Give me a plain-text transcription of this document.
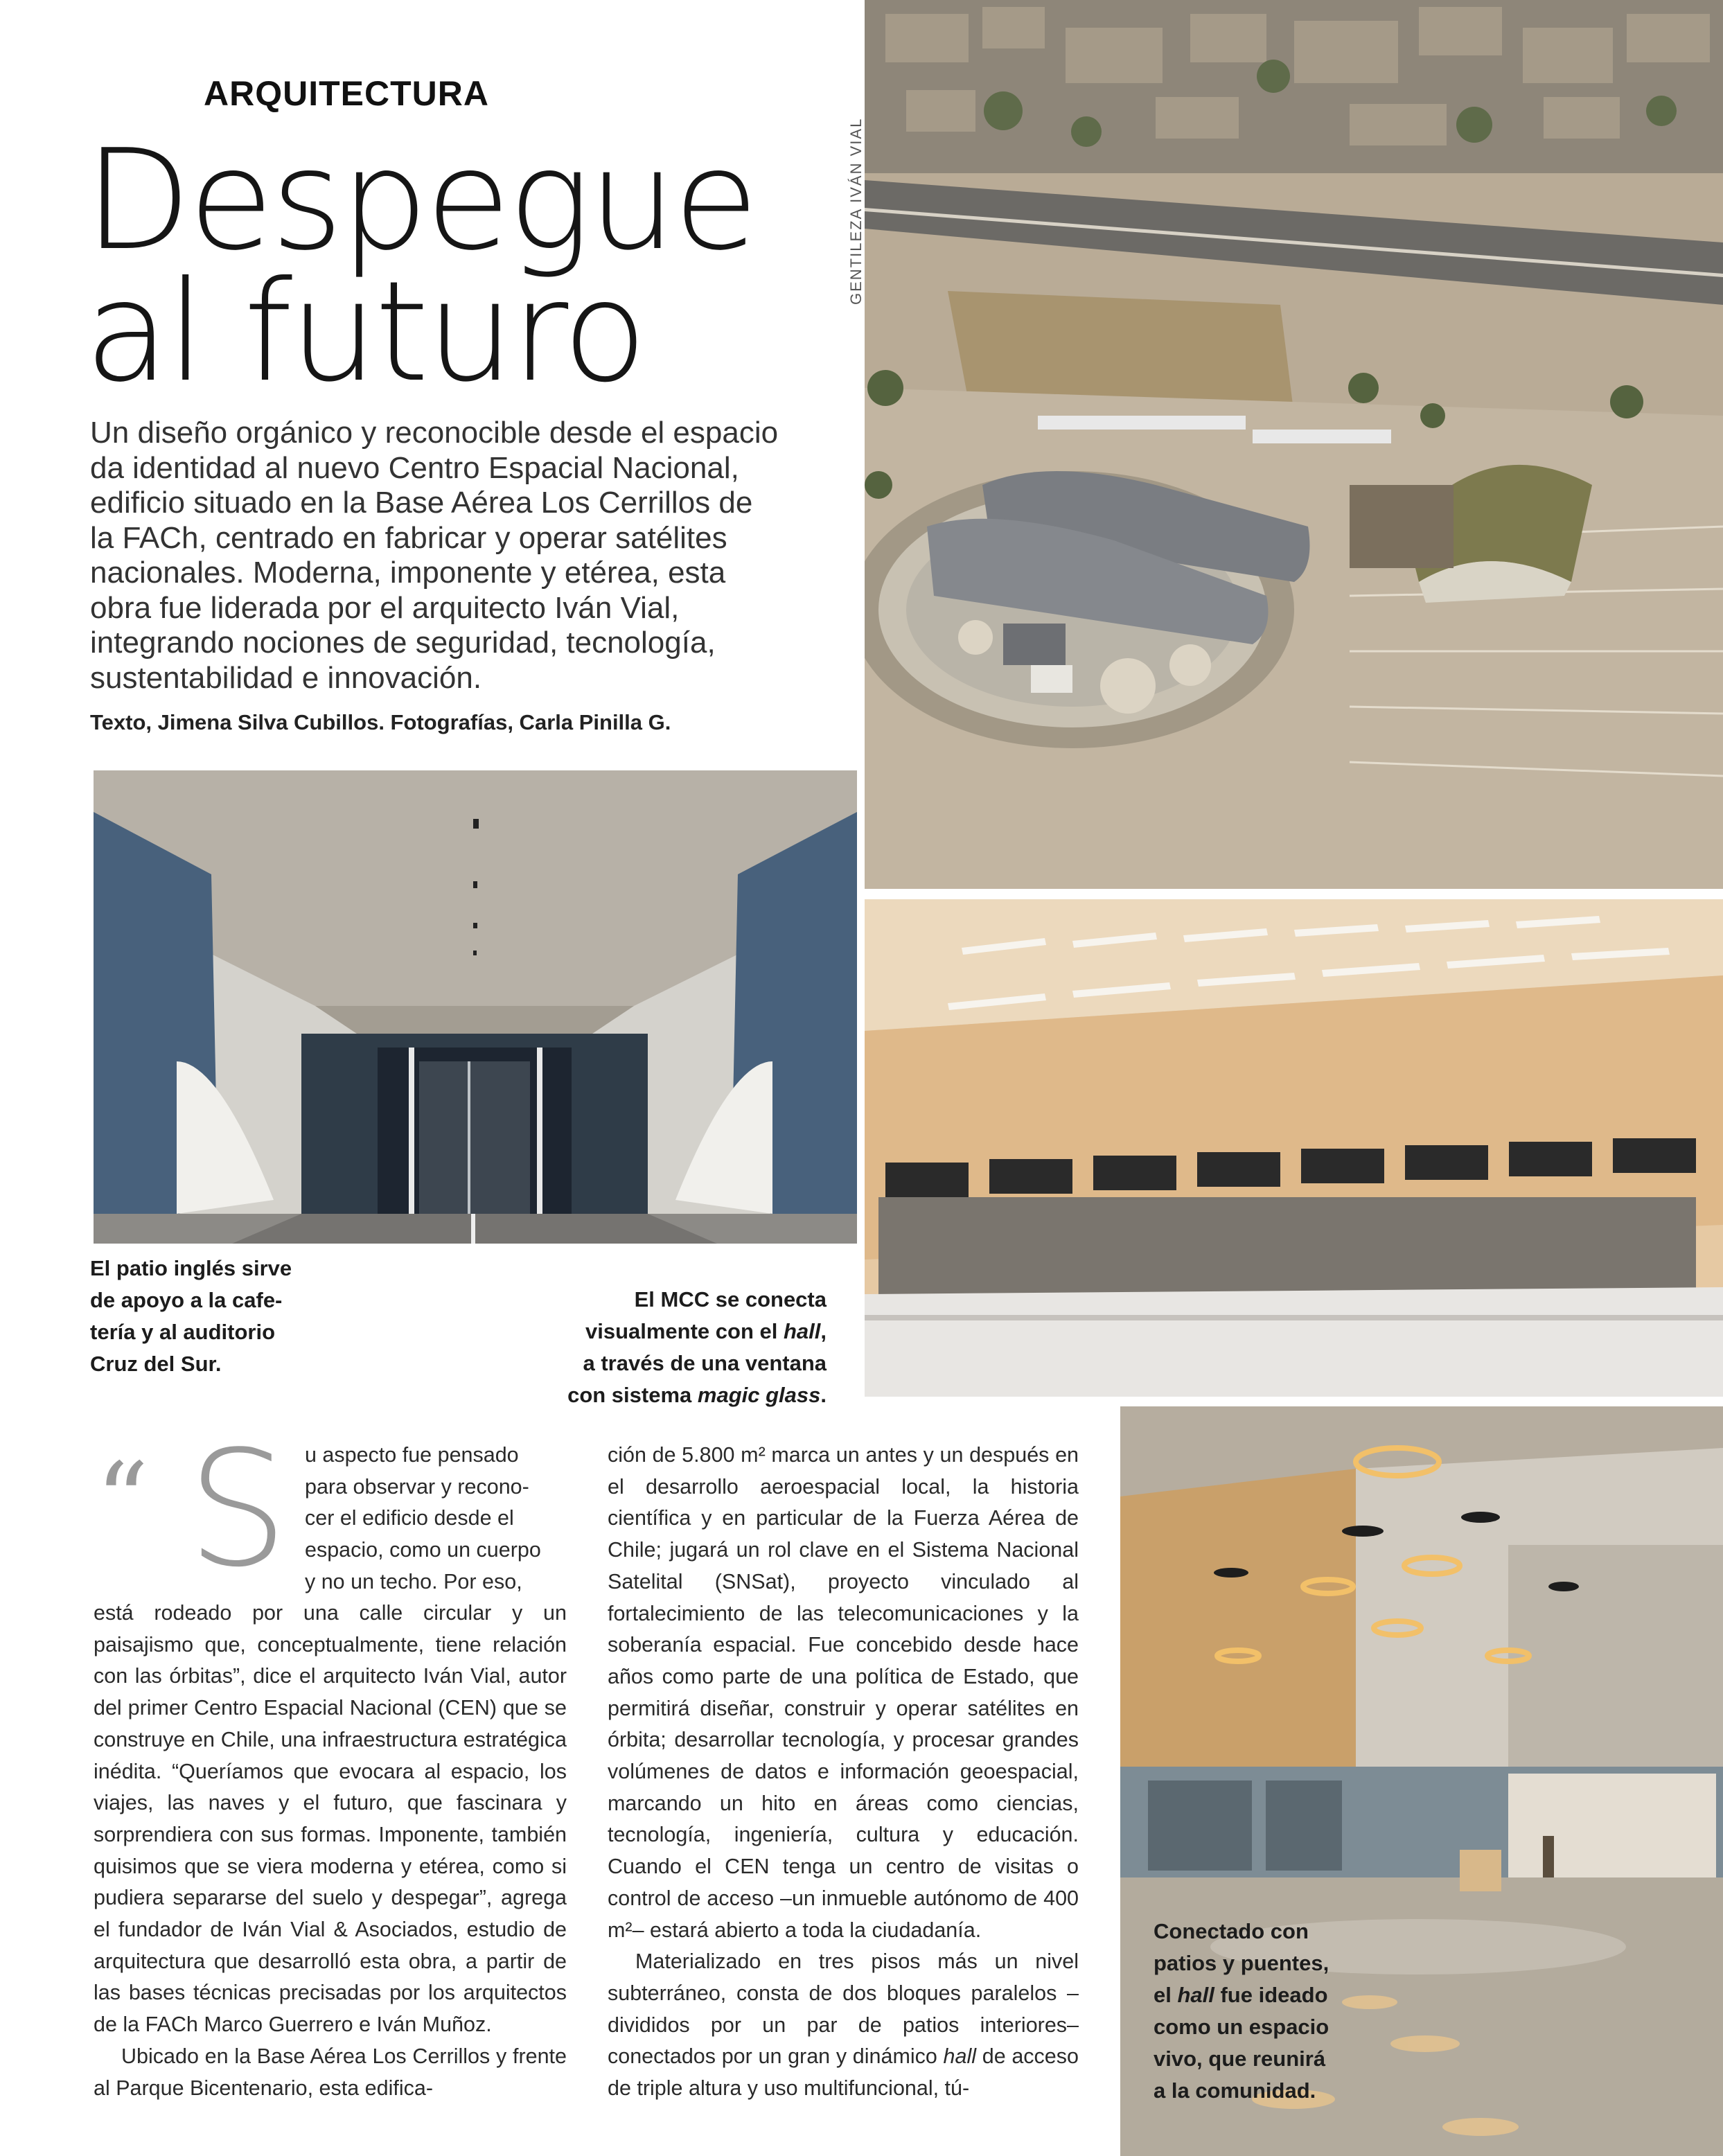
ARQUITECTURA
Despegue
al futuro
GENTILEZA IVÁN VIAL
Un diseño orgánico y reconocible desde el espacio da identidad al nuevo Centro Espacial Nacional, edificio situado en la Base Aérea Los Cerrillos de la FACh, centrado en fabricar y operar satélites nacionales. Moderna, imponente y etérea, esta obra fue liderada por el arquitecto Iván Vial, integrando nociones de seguridad, tecnología, sustentabilidad e innovación.
Texto, Jimena Silva Cubillos. Fotografías, Carla Pinilla G.
El patio inglés sirve
de apoyo a la cafe-
tería y al auditorio
Cruz del Sur.
El MCC se conecta
visualmente con el hall,
a través de una ventana
con sistema magic glass.
Conectado con
patios y puentes,
el hall fue ideado
como un espacio
vivo, que reunirá
a la comunidad.
“ S u aspecto fue pensado
para observar y recono-
cer el edificio desde el
espacio, como un cuerpo
y no un techo. Por eso,

está rodeado por una calle circular y un paisajismo que, conceptualmente, tiene relación con las órbitas”, dice el arquitecto Iván Vial, autor del primer Centro Espacial Nacional (CEN) que se construye en Chile, una infraestructura estratégica inédita. “Queríamos que evocara al espacio, los viajes, las naves y el futuro, que fascinara y sorprendiera con sus formas. Imponente, también quisimos que se viera moderna y etérea, como si pudiera separarse del suelo y despegar”, agrega el fundador de Iván Vial & Asociados, estudio de arquitectura que desarrolló esta obra, a partir de las bases técnicas precisadas por los arquitectos de la FACh Marco Guerrero e Iván Muñoz.

Ubicado en la Base Aérea Los Cerrillos y frente al Parque Bicentenario, esta edifica-

ción de 5.800 m² marca un antes y un después en el desarrollo aeroespacial local, la historia científica y en particular de la Fuerza Aérea de Chile; jugará un rol clave en el Sistema Nacional Satelital (SNSat), proyecto vinculado al fortalecimiento de las telecomunicaciones y la soberanía espacial. Fue concebido desde hace años como parte de una política de Estado, que permitirá diseñar, construir y operar satélites en órbita; desarrollar tecnología, y procesar grandes volúmenes de datos e información geoespacial, marcando un hito en áreas como ciencias, tecnología, ingeniería, cultura y educación. Cuando el CEN tenga un centro de visitas o control de acceso –un inmueble autónomo de 400 m²– estará abierto a toda la ciudadanía.

Materializado en tres pisos más un nivel subterráneo, consta de dos bloques paralelos –divididos por un par de patios interiores– conectados por un gran y dinámico hall de acceso de triple altura y uso multifuncional, tú-
